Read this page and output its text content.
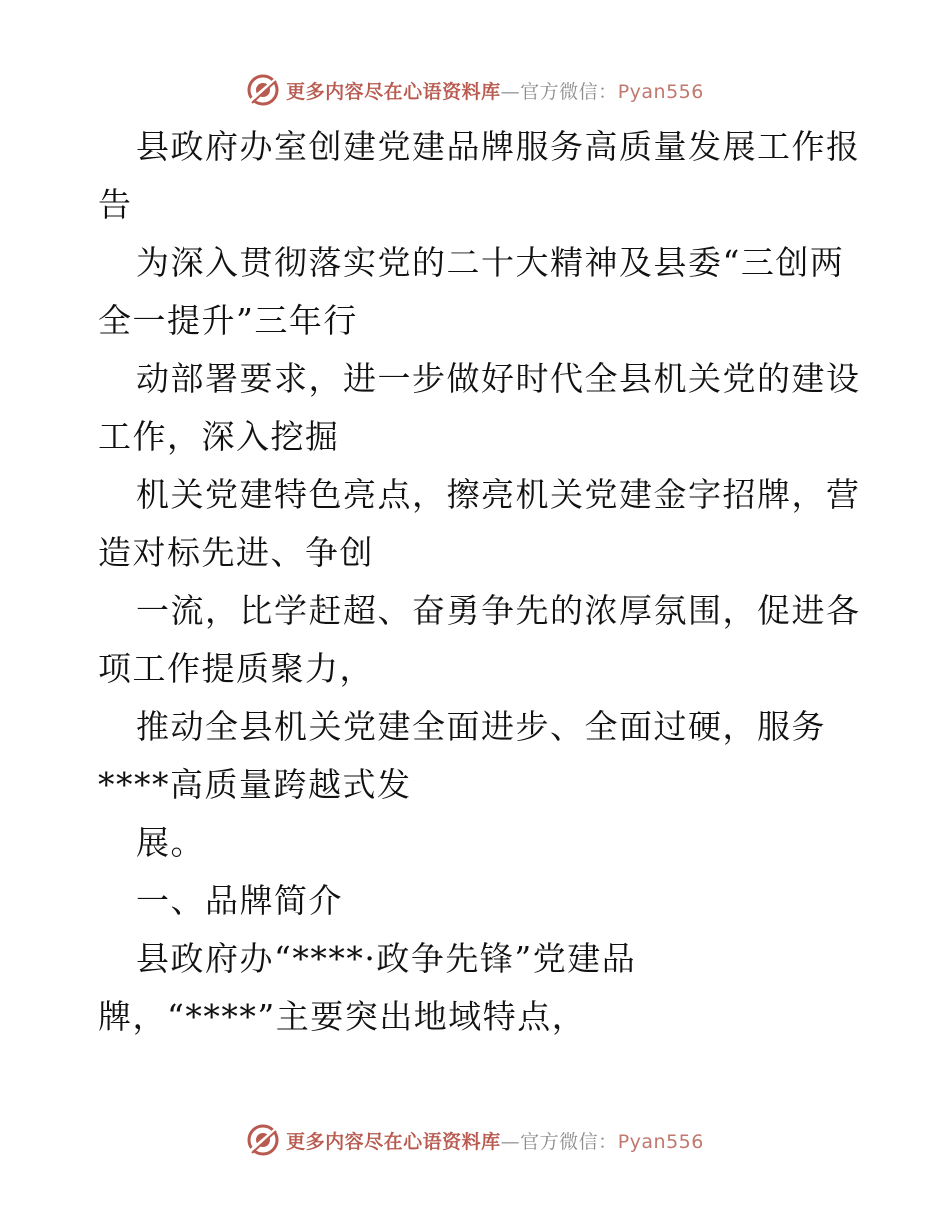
更多内容尽在心语资料库—官方微信：Pyan556
县政府办室创建党建品牌服务高质量发展工作报
告
为深入贯彻落实党的二十大精神及县委“三创两
全一提升”三年行
动部署要求，进一步做好时代全县机关党的建设
工作，深入挖掘
机关党建特色亮点，擦亮机关党建金字招牌，营
造对标先进、争创
一流，比学赶超、奋勇争先的浓厚氛围，促进各
项工作提质聚力，
推动全县机关党建全面进步、全面过硬，服务
****高质量跨越式发
展。
一、品牌简介
县政府办“****·政争先锋”党建品
牌，“****”主要突出地域特点，
更多内容尽在心语资料库—官方微信：Pyan556
